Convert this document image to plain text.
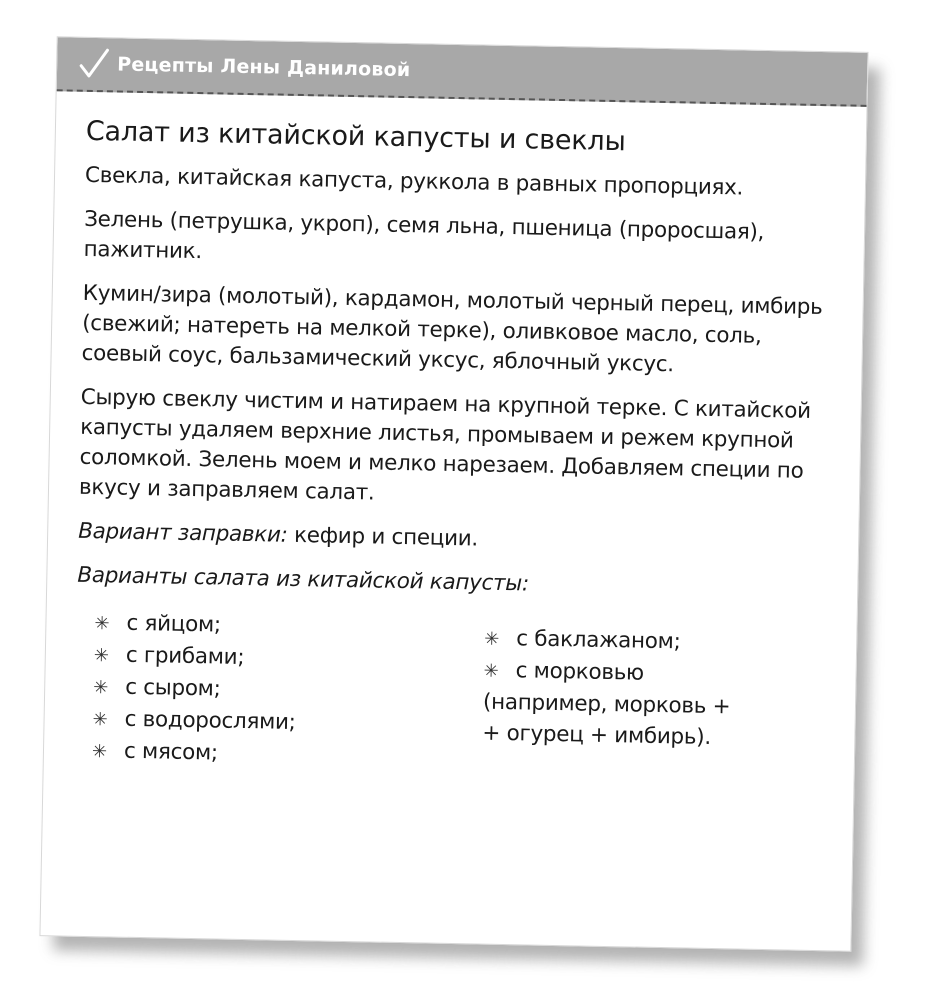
Рецепты Лены Даниловой
Салат из китайской капусты и свеклы

Свекла, китайская капуста, руккола в равных пропорциях.

Зелень (петрушка, укроп), семя льна, пшеница (проросшая), пажитник.

Кумин/зира (молотый), кардамон, молотый черный перец, имбирь (свежий; натереть на мелкой терке), оливковое масло, соль, соевый соус, бальзамический уксус, яблочный уксус.

Сырую свеклу чистим и натираем на крупной терке. С китайской капусты удаляем верхние листья, промываем и режем крупной соломкой. Зелень моем и мелко нарезаем. Добавляем специи по вкусу и заправляем салат.

Вариант заправки: кефир и специи.

Варианты салата из китайской капусты:

✳ с яйцом;
✳ с грибами;
✳ с сыром;
✳ с водорослями;
✳ с мясом;
✳ с баклажаном;
✳ с морковью
(например, морковь +
+ огурец + имбирь).
